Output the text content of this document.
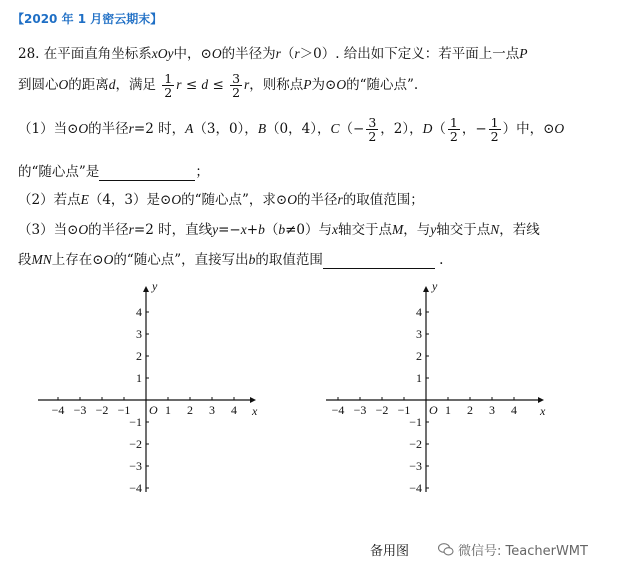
【2020 年 1 月密云期末】
28. 在平面直角坐标系xOy中，⊙O的半径为r（r＞0）. 给出如下定义：若平面上一点P
到圆心O的距离d，满足 $\frac{1}{2}$ $r \le d \le \frac{3}{2}$ r，则称点P为⊙O的“随心点”.
（1）当⊙O的半径r=2 时，A（3，0），B（0，4），$C(- \frac{3}{2}$ ，2），$D( \frac{1}{2}$ ，− $\frac{1}{2}$ ）中，⊙O
的“随心点”是	；
（2）若点E（4，3）是⊙O的“随心点”，求⊙O的半径r的取值范围；
（3）当⊙O的半径r=2 时，直线y=−x+b（b≠0）与x轴交于点M，与y轴交于点N，若线
段MN上存在⊙O的“随心点”，直接写出b的取值范围	.
−4 −3 −2 −1	1 2 3 4
4
3
2
1
−1
−2
−3
−4
O	x
y
−4 −3 −2 −1	1 2 3 4
4
3
2
1
−1
−2
−3
−4
O	x
y
备用图	微信号: TeacherWMT
